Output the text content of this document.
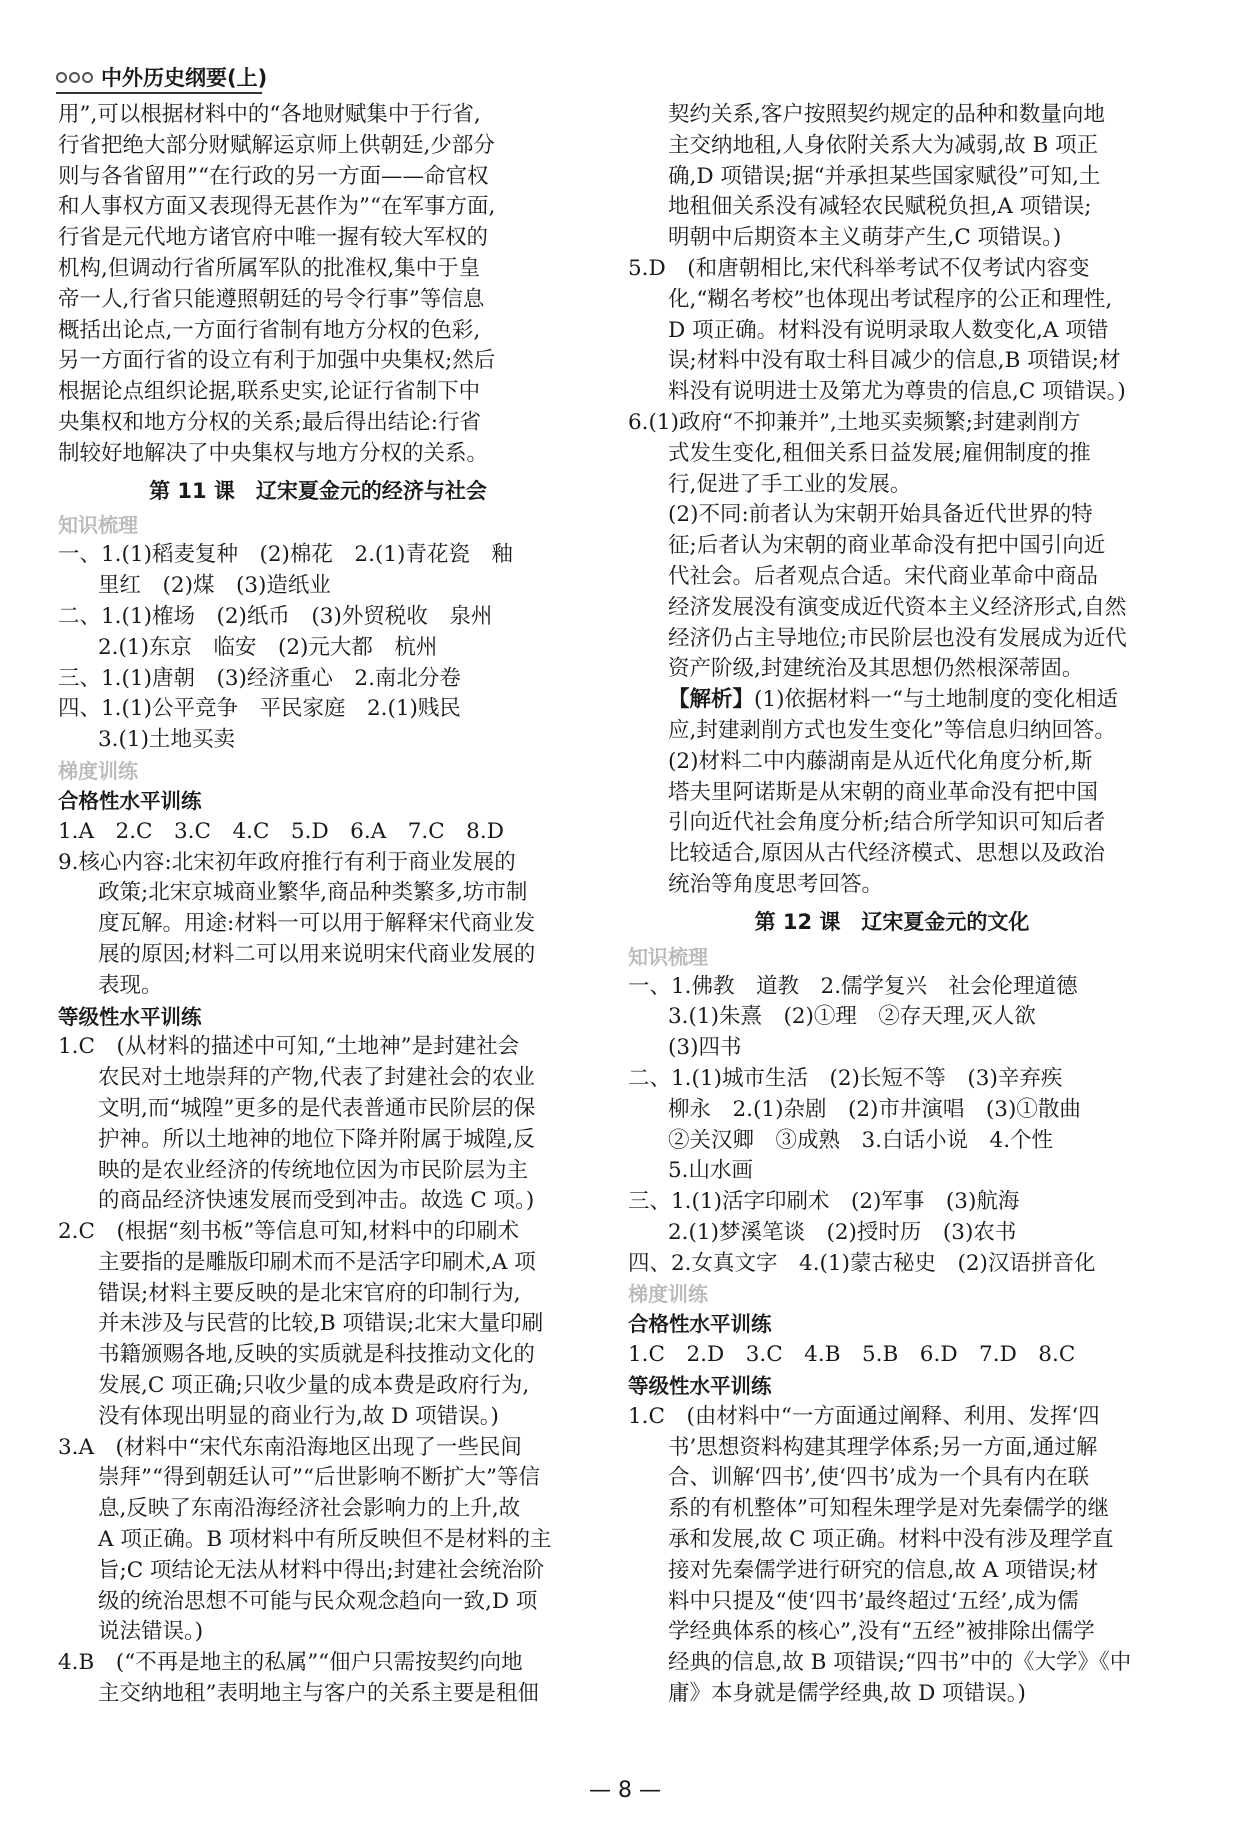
中外历史纲要(上)

用”,可以根据材料中的“各地财赋集中于行省,

行省把绝大部分财赋解运京师上供朝廷,少部分

则与各省留用”“在行政的另一方面——命官权

和人事权方面又表现得无甚作为”“在军事方面,

行省是元代地方诸官府中唯一握有较大军权的

机构,但调动行省所属军队的批准权,集中于皇

帝一人,行省只能遵照朝廷的号令行事”等信息

概括出论点,一方面行省制有地方分权的色彩,

另一方面行省的设立有利于加强中央集权;然后

根据论点组织论据,联系史实,论证行省制下中

央集权和地方分权的关系;最后得出结论:行省

制较好地解决了中央集权与地方分权的关系。

第 11 课　辽宋夏金元的经济与社会

知识梳理

一、1.(1)稻麦复种　(2)棉花　2.(1)青花瓷　釉

里红　(2)煤　(3)造纸业

二、1.(1)榷场　(2)纸币　(3)外贸税收　泉州

2.(1)东京　临安　(2)元大都　杭州

三、1.(1)唐朝　(3)经济重心　2.南北分卷

四、1.(1)公平竞争　平民家庭　2.(1)贱民

3.(1)土地买卖

梯度训练

合格性水平训练

1.A　2.C　3.C　4.C　5.D　6.A　7.C　8.D

9.核心内容:北宋初年政府推行有利于商业发展的

政策;北宋京城商业繁华,商品种类繁多,坊市制

度瓦解。用途:材料一可以用于解释宋代商业发

展的原因;材料二可以用来说明宋代商业发展的

表现。

等级性水平训练

1.C　(从材料的描述中可知,“土地神”是封建社会

农民对土地崇拜的产物,代表了封建社会的农业

文明,而“城隍”更多的是代表普通市民阶层的保

护神。所以土地神的地位下降并附属于城隍,反

映的是农业经济的传统地位因为市民阶层为主

的商品经济快速发展而受到冲击。故选 C 项。)

2.C　(根据“刻书板”等信息可知,材料中的印刷术

主要指的是雕版印刷术而不是活字印刷术,A 项

错误;材料主要反映的是北宋官府的印制行为,

并未涉及与民营的比较,B 项错误;北宋大量印刷

书籍颁赐各地,反映的实质就是科技推动文化的

发展,C 项正确;只收少量的成本费是政府行为,

没有体现出明显的商业行为,故 D 项错误。)

3.A　(材料中“宋代东南沿海地区出现了一些民间

崇拜”“得到朝廷认可”“后世影响不断扩大”等信

息,反映了东南沿海经济社会影响力的上升,故

A 项正确。B 项材料中有所反映但不是材料的主

旨;C 项结论无法从材料中得出;封建社会统治阶

级的统治思想不可能与民众观念趋向一致,D 项

说法错误。)

4.B　(“不再是地主的私属”“佃户只需按契约向地

主交纳地租”表明地主与客户的关系主要是租佃

契约关系,客户按照契约规定的品种和数量向地

主交纳地租,人身依附关系大为减弱,故 B 项正

确,D 项错误;据“并承担某些国家赋役”可知,土

地租佃关系没有减轻农民赋税负担,A 项错误;

明朝中后期资本主义萌芽产生,C 项错误。)

5.D　(和唐朝相比,宋代科举考试不仅考试内容变

化,“糊名考校”也体现出考试程序的公正和理性,

D 项正确。材料没有说明录取人数变化,A 项错

误;材料中没有取士科目减少的信息,B 项错误;材

料没有说明进士及第尤为尊贵的信息,C 项错误。)

6.(1)政府“不抑兼并”,土地买卖频繁;封建剥削方

式发生变化,租佃关系日益发展;雇佣制度的推

行,促进了手工业的发展。

(2)不同:前者认为宋朝开始具备近代世界的特

征;后者认为宋朝的商业革命没有把中国引向近

代社会。后者观点合适。宋代商业革命中商品

经济发展没有演变成近代资本主义经济形式,自然

经济仍占主导地位;市民阶层也没有发展成为近代

资产阶级,封建统治及其思想仍然根深蒂固。

【解析】(1)依据材料一“与土地制度的变化相适

应,封建剥削方式也发生变化”等信息归纳回答。

(2)材料二中内藤湖南是从近代化角度分析,斯

塔夫里阿诺斯是从宋朝的商业革命没有把中国

引向近代社会角度分析;结合所学知识可知后者

比较适合,原因从古代经济模式、思想以及政治

统治等角度思考回答。

第 12 课　辽宋夏金元的文化

知识梳理

一、1.佛教　道教　2.儒学复兴　社会伦理道德

3.(1)朱熹　(2)①理　②存天理,灭人欲

(3)四书

二、1.(1)城市生活　(2)长短不等　(3)辛弃疾

柳永　2.(1)杂剧　(2)市井演唱　(3)①散曲

②关汉卿　③成熟　3.白话小说　4.个性

5.山水画

三、1.(1)活字印刷术　(2)军事　(3)航海

2.(1)梦溪笔谈　(2)授时历　(3)农书

四、2.女真文字　4.(1)蒙古秘史　(2)汉语拼音化

梯度训练

合格性水平训练

1.C　2.D　3.C　4.B　5.B　6.D　7.D　8.C

等级性水平训练

1.C　(由材料中“一方面通过阐释、利用、发挥‘四

书’思想资料构建其理学体系;另一方面,通过解

合、训解‘四书’,使‘四书’成为一个具有内在联

系的有机整体”可知程朱理学是对先秦儒学的继

承和发展,故 C 项正确。材料中没有涉及理学直

接对先秦儒学进行研究的信息,故 A 项错误;材

料中只提及“使‘四书’最终超过‘五经’,成为儒

学经典体系的核心”,没有“五经”被排除出儒学

经典的信息,故 B 项错误;“四书”中的《大学》《中

庸》本身就是儒学经典,故 D 项错误。)

— 8 —
